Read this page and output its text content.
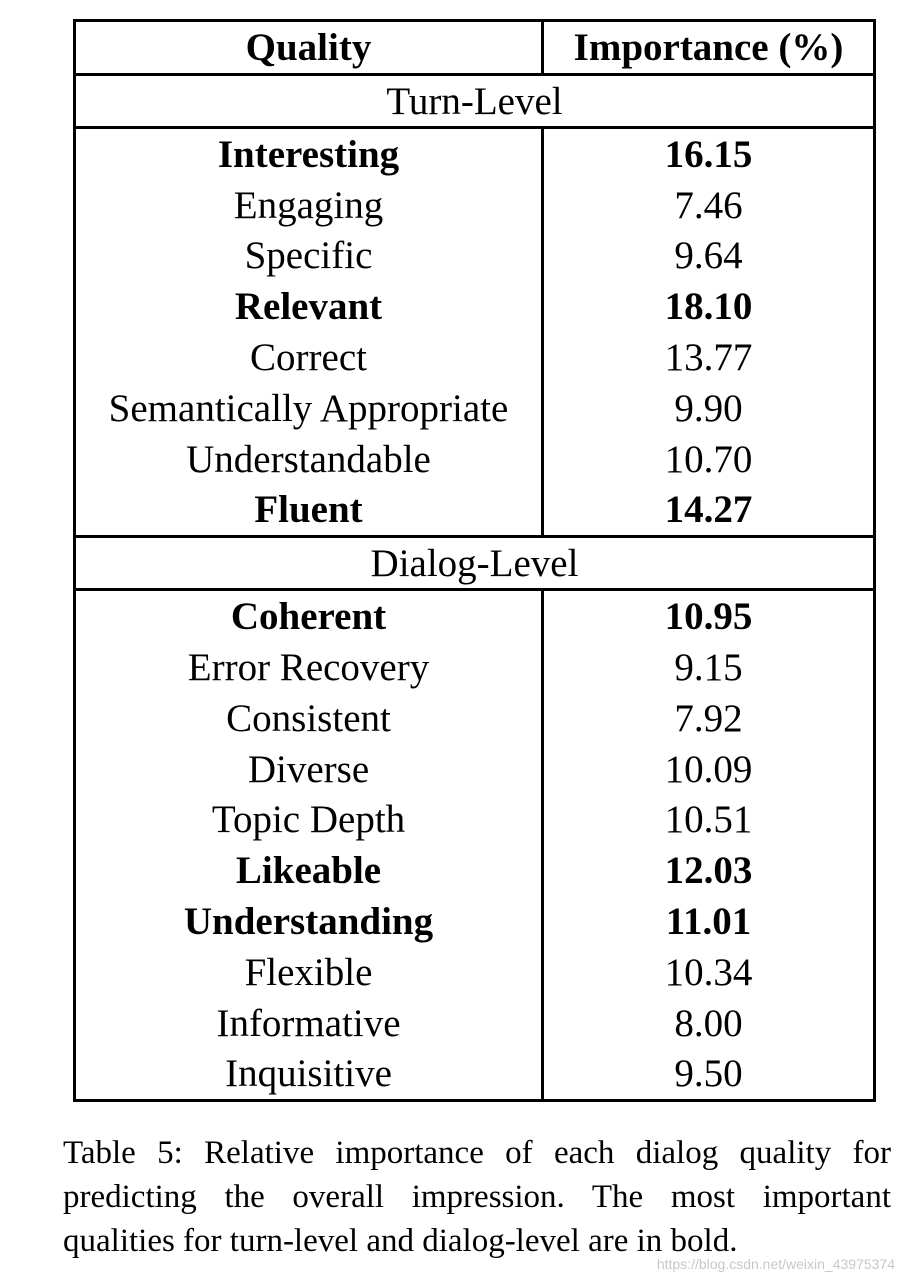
Quality	Importance (%)
Turn-Level	
Interesting	16.15
Engaging	7.46
Specific	9.64
Relevant	18.10
Correct	13.77
Semantically Appropriate	9.90
Understandable	10.70
Fluent	14.27
Dialog-Level	
Coherent	10.95
Error Recovery	9.15
Consistent	7.92
Diverse	10.09
Topic Depth	10.51
Likeable	12.03
Understanding	11.01
Flexible	10.34
Informative	8.00
Inquisitive	9.50

Table 5: Relative importance of each dialog quality for predicting the overall impression. The most important qualities for turn-level and dialog-level are in bold.

https://blog.csdn.net/weixin_43975374
